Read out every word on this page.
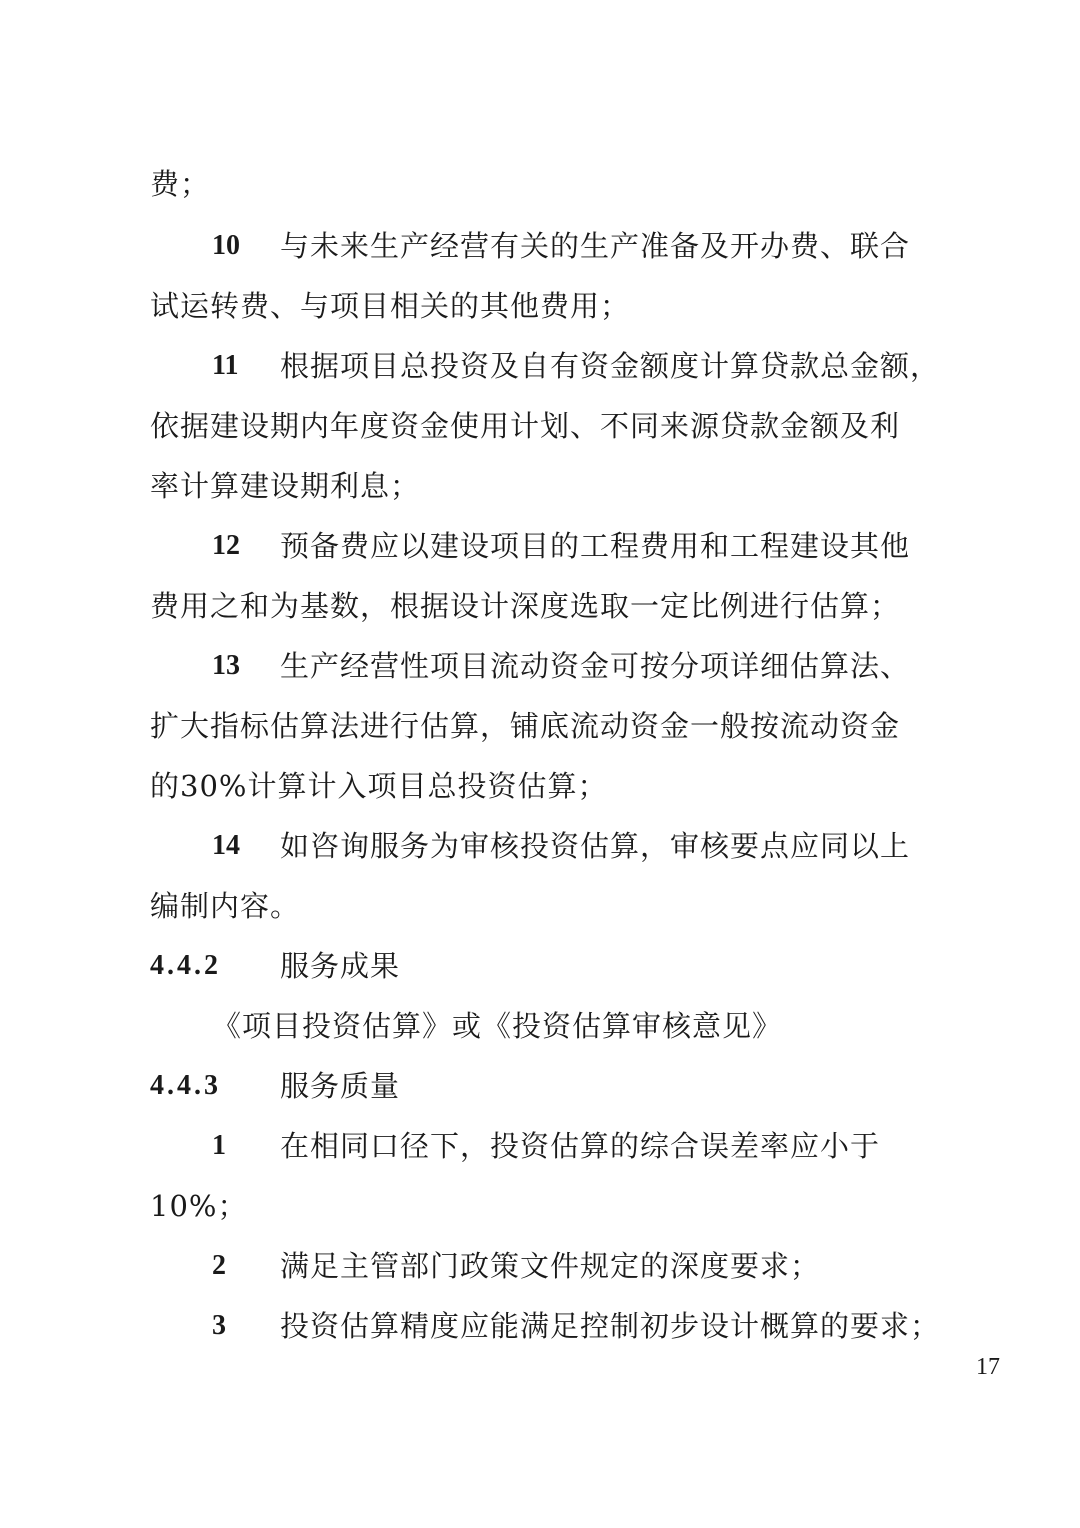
费；
10 与未来生产经营有关的生产准备及开办费、联合
试运转费、与项目相关的其他费用；
11 根据项目总投资及自有资金额度计算贷款总金额，
依据建设期内年度资金使用计划、不同来源贷款金额及利
率计算建设期利息；
12 预备费应以建设项目的工程费用和工程建设其他
费用之和为基数，根据设计深度选取一定比例进行估算；
13 生产经营性项目流动资金可按分项详细估算法、
扩大指标估算法进行估算，铺底流动资金一般按流动资金
的30%计算计入项目总投资估算；
14 如咨询服务为审核投资估算，审核要点应同以上
编制内容。
4.4.2 服务成果
《项目投资估算》或《投资估算审核意见》
4.4.3 服务质量
1 在相同口径下，投资估算的综合误差率应小于
10%；
2 满足主管部门政策文件规定的深度要求；
3 投资估算精度应能满足控制初步设计概算的要求；
17
